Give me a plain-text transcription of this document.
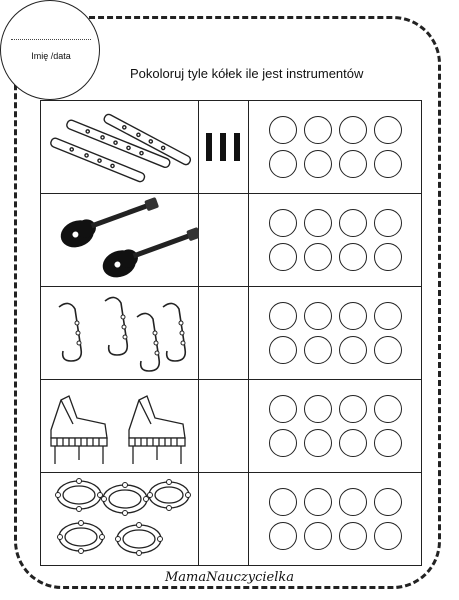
Imię /data
Pokoloruj tyle kółek ile jest instrumentów

MamaNauczycielka
